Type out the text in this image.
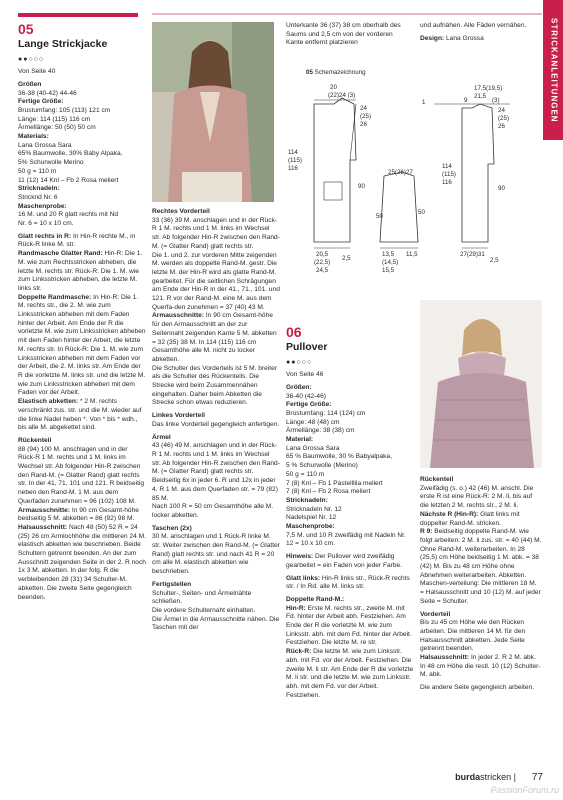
STRICKANLEITUNGEN
05
Lange Strickjacke
●●○○○
Von Seite 40
Größen
36-38 (40-42) 44-46
Fertige Größe:
Brustumfang: 105 (113) 121 cm
Länge: 114 (115) 116 cm
Ärmellänge: 50 (50) 50 cm
Materials:
Lana Grossa Sara
65% Baumwolle, 30% Baby Alpaka,
5% Schurwolle Merino
50 g = 110 m
11 (12) 14 Knl – Fb 2 Rosa meliert
Stricknadeln:
Stricknd Nr. 6
Maschenprobe:
16 M. und 20 R glatt rechts mit Nd
Nr. 6 = 10 x 10 cm.
Glatt rechts in R: In Hin-R rechte M., in Rück-R linke M. str.
Randmasche Glatter Rand: Hin-R: Die 1. M. wie zum Rechtsstricken abheben, die letzte M. rechts str. Rück-R: Die 1. M. wie zum Linksstricken abheben, die letzte M. links str.
Doppelte Randmasche: In Hin-R: Die 1. M. rechts str., die 2. M. wie zum Linksstricken abheben mit dem Faden hinter der Arbeit. Am Ende der R die vorletzte M. wie zum Linksstricken abheben mit dem Faden hinter der Arbeit, die letzte M. rechts str. In Rück-R: Die 1. M. wie zum Linksstricken abheben mit dem Faden vor der Arbeit, die 2. M. links str. Am Ende der R die vorletzte M. links str. und die letzte M. wie zum Linksstricken abheben mit dem Faden vor der Arbeit.
Elastisch abketten: * 2 M. rechts verschränkt zus. str. und die M. wieder auf die linke Nadel heben *. Von * bis * wdh., bis alle M. abgekettet sind.
Rückenteil
88 (94) 100 M. anschlagen und in der Rück-R 1 M. rechts und 1 M. links im Wechsel str. Ab folgender Hin-R zwischen den Rand-M. (= Glatter Rand) glatt rechts str. In der 41, 71, 101 und 121. R beidseitig neben den Rand-M. 1 M. aus dem Querfaden zunehmen = 96 (102) 108 M.
Armausschnitte: In 90 cm Gesamt-höhe beidseitig 5 M. abketten = 86 (92) 98 M.
Halsausschnitt: Nach 48 (50) 52 R = 24 (25) 26 cm Armlochhöhe die mittleren 24 M. elastisch abketten wie beschrieben. Beide Schultern getrennt beenden. An der zum Ausschnitt zeigenden Seite in der 2. R noch 1x 3 M. abketten. In der folg. R die verbleibenden 28 (31) 34 Schulter-M. abketten. Die zweite Seite gegengleich beenden.
Rechtes Vorderteil
33 (36) 39 M. anschlagen und in der Rück-R 1 M. rechts und 1 M. links im Wechsel str. Ab folgender Hin-R zwischen den Rand-M. (= Glatter Rand) glatt rechts str.
Die 1. und 2. zur vorderen Mitte zeigenden M. werden als doppelte Rand-M. gestr. Die letzte M. der Hin-R wird als glatte Rand-M. gearbeitet. Für die seitlichen Schrägungen am Ende der Hin-R in der 41., 71., 101. und 121. R vor der Rand-M. eine M. aus dem Querfa-den zunehmen = 37 (40) 43 M.
Armausschnitte: In 90 cm Gesamt-höhe für den Armausschnitt an der zur Seitennaht zeigenden Kante 5 M. abketten = 32 (35) 38 M. In 114 (115) 116 cm Gesamthöhe alle M. nicht zu locker abketten.
Die Schulter des Vorderteils ist 5 M. breiter als die Schulter des Rückenteils. Die Strecke wird beim Zusammennähen eingehalten. Daher beim Abketten die Strecke schon etwas reduzieren.
Linkes Vorderteil
Das linke Vorderteil gegengleich anfertigen.
Ärmel
43 (46) 49 M. anschlagen und in der Rück-R 1 M. rechts und 1 M. links im Wechsel str. Ab folgender Hin-R zwischen den Rand-M. (= Glatter Rand) glatt rechts str. Beidseitig 6x in jeder 6. R und 12x in jeder 4. R 1 M. aus dem Querfaden str. = 79 (82) 85 M.
Nach 100 R = 50 cm Gesamthöhe alle M. locker abketten.
Taschen (2x)
30 M. anschlagen und 1 Rück-R linke M. str. Weiter zwischen den Rand-M. (= Glatter Rand) glatt rechts str. und nach 41 R = 20 cm alle M. elastisch abketten wie beschrieben.
Fertigstellen
Schulter-, Seiten- und Ärmelnähte schließen.
Die vordere Schulternaht einhalten.
Die Ärmel in die Armausschnitte nähen. Die Taschen mit der
Unterkante 36 (37) 38 cm oberhalb des Saums und 2,5 cm von der vorderen Kante entfernt platzieren
und aufnähen. Alle Fäden vernähen.
Design: Lana Grossa
05 Schemazeichnung
20
(22)24 (3)
24
(25)
26
114
(115)
116
90
50
25(26)27
50
20,5
(22,5)
24,5
2,5
13,5
(14,5)
15,5
11,5
1	9
17,5(19,5)
21,5
(3)
24
(25)
26
114
(115)
116
90
27(29)31
2,5
06
Pullover
●●○○○
Von Seite 46
Größen:
36-40 (42-46)
Fertige Größe:
Brustumfang: 114 (124) cm
Länge: 48 (48) cm
Ärmellänge: 38 (38) cm
Material:
Lana Grossa Sara
65 % Baumwolle, 30 % Babyalpaka,
5 % Schurwolle (Merino)
50 g = 110 m
7 (8) Knl – Fb 1 Pastelllila meliert
7 (8) Knl – Fb 2 Rosa meliert
Stricknadeln:
Stricknadeln Nr. 12
Nadelspiel Nr. 12
Maschenprobe:
7,5 M. und 10 R zweifädig mit Nadeln Nr. 12 = 10 x 10 cm.
Hinweis: Der Pullover wird zweifädig gearbeitet = ein Faden von jeder Farbe.
Glatt links: Hin-R links str., Rück-R rechts str. / In Rd. alle M. links str.
Doppelte Rand-M.:
Hin-R: Erste M. rechts str., zweite M. mit Fd. hinter der Arbeit abh. Festziehen. Am Ende der R die vorletzte M. wie zum Linksstr. abh. mit dem Fd. hinter der Arbeit. Festziehen. Die letzte M. re str.
Rück-R: Die letzte M. wie zum Linksstr. abh. mit Fd. vor der Arbeit. Festziehen. Die zweite M. li str. Am Ende der R die vorletzte M. li str. und die letzte M. wie zum Linksstr. abh. mit dem Fd. vor der Arbeit. Festziehen.
Rückenteil
Zweifädig (s. o.) 42 (46) M. anschl. Die erste R ist eine Rück-R: 2 M. li, bis auf die letzten 2 M. rechts str., 2 M. li.
Nächste R (Hin-R): Glatt links mit doppelter Rand-M. stricken.
R 9: Beidseitig doppelte Rand-M. wie folgt arbeiten: 2 M. li zus. str. = 40 (44) M. Ohne Rand-M. weiterarbeiten. In 28 (25,5) cm Höhe beidseitig 1 M. abk. = 38 (42) M. Bis zu 48 cm Höhe ohne Abnehmen weiterarbeiten. Abketten. Maschen-verteilung: Die mittleren 18 M. = Halsausschnitt und 10 (12) M. auf jeder Seite = Schulter.
Vorderteil
Bis zu 45 cm Höhe wie den Rücken arbeiten. Die mittleren 14 M. für den Halsausschnitt abketten. Jede Seite getrennt beenden.
Halsausschnitt: In jeder 2. R 2 M. abk. In 48 cm Höhe die restl. 10 (12) Schulter-M. abk.
Die andere Seite gegengleich arbeiten.
burdastricken | 77
PassionForum.ru
